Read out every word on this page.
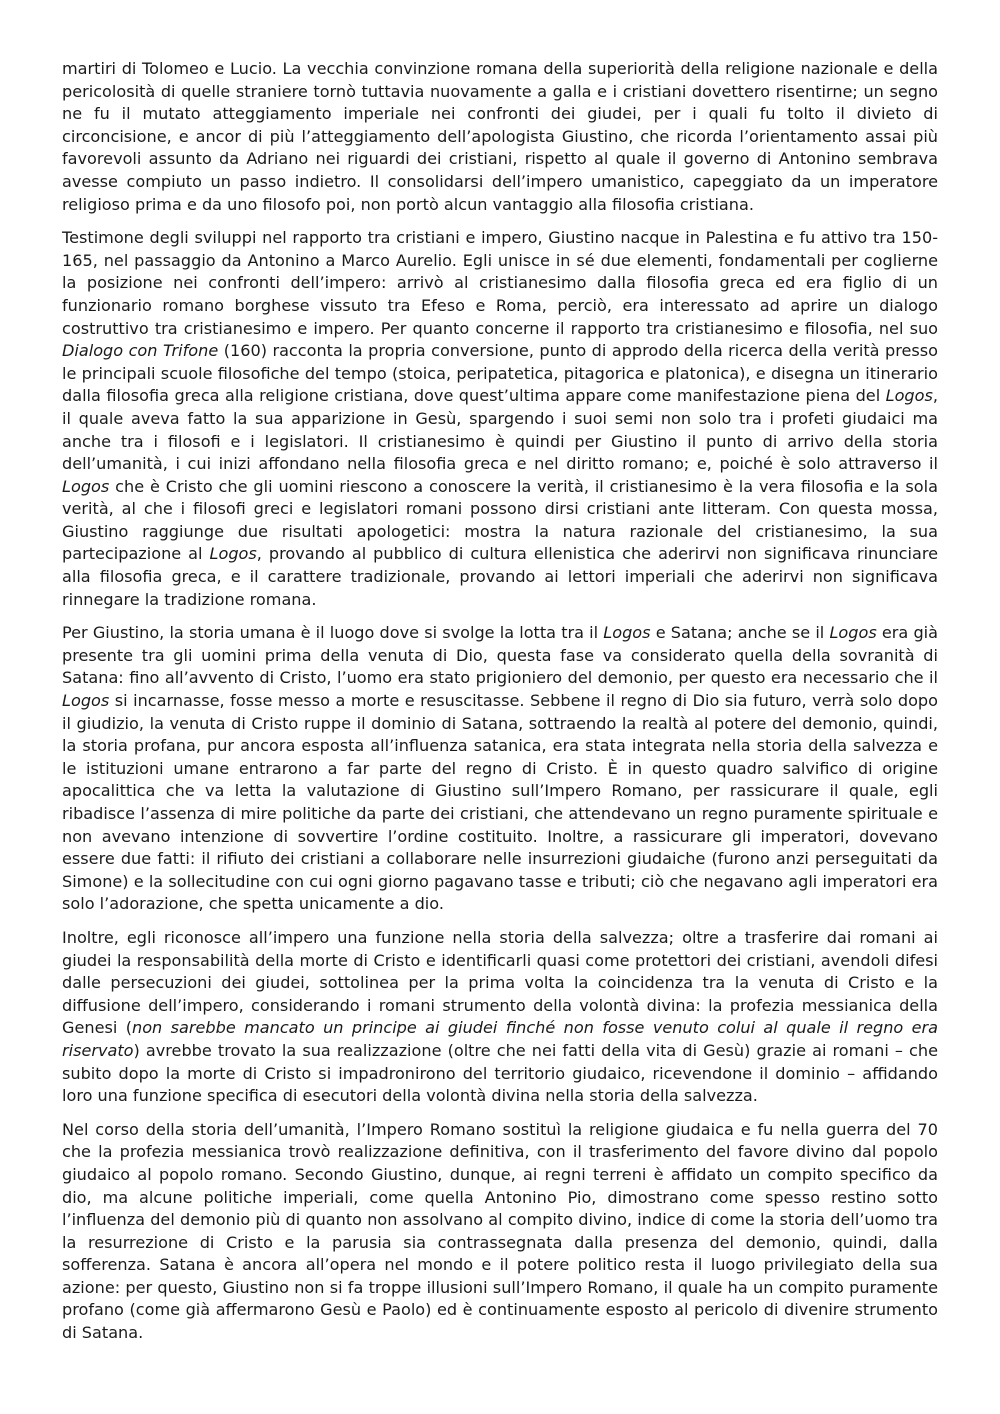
martiri di Tolomeo e Lucio. La vecchia convinzione romana della superiorità della religione nazionale e della pericolosità di quelle straniere tornò tuttavia nuovamente a galla e i cristiani dovettero risentirne; un segno ne fu il mutato atteggiamento imperiale nei confronti dei giudei, per i quali fu tolto il divieto di circoncisione, e ancor di più l’atteggiamento dell’apologista Giustino, che ricorda l’orientamento assai più favorevoli assunto da Adriano nei riguardi dei cristiani, rispetto al quale il governo di Antonino sembrava avesse compiuto un passo indietro. Il consolidarsi dell’impero umanistico, capeggiato da un imperatore religioso prima e da uno filosofo poi, non portò alcun vantaggio alla filosofia cristiana.

Testimone degli sviluppi nel rapporto tra cristiani e impero, Giustino nacque in Palestina e fu attivo tra 150-165, nel passaggio da Antonino a Marco Aurelio. Egli unisce in sé due elementi, fondamentali per coglierne la posizione nei confronti dell’impero: arrivò al cristianesimo dalla filosofia greca ed era figlio di un funzionario romano borghese vissuto tra Efeso e Roma, perciò, era interessato ad aprire un dialogo costruttivo tra cristianesimo e impero. Per quanto concerne il rapporto tra cristianesimo e filosofia, nel suo Dialogo con Trifone (160) racconta la propria conversione, punto di approdo della ricerca della verità presso le principali scuole filosofiche del tempo (stoica, peripatetica, pitagorica e platonica), e disegna un itinerario dalla filosofia greca alla religione cristiana, dove quest’ultima appare come manifestazione piena del Logos, il quale aveva fatto la sua apparizione in Gesù, spargendo i suoi semi non solo tra i profeti giudaici ma anche tra i filosofi e i legislatori. Il cristianesimo è quindi per Giustino il punto di arrivo della storia dell’umanità, i cui inizi affondano nella filosofia greca e nel diritto romano; e, poiché è solo attraverso il Logos che è Cristo che gli uomini riescono a conoscere la verità, il cristianesimo è la vera filosofia e la sola verità, al che i filosofi greci e legislatori romani possono dirsi cristiani ante litteram. Con questa mossa, Giustino raggiunge due risultati apologetici: mostra la natura razionale del cristianesimo, la sua partecipazione al Logos, provando al pubblico di cultura ellenistica che aderirvi non significava rinunciare alla filosofia greca, e il carattere tradizionale, provando ai lettori imperiali che aderirvi non significava rinnegare la tradizione romana.

Per Giustino, la storia umana è il luogo dove si svolge la lotta tra il Logos e Satana; anche se il Logos era già presente tra gli uomini prima della venuta di Dio, questa fase va considerato quella della sovranità di Satana: fino all’avvento di Cristo, l’uomo era stato prigioniero del demonio, per questo era necessario che il Logos si incarnasse, fosse messo a morte e resuscitasse. Sebbene il regno di Dio sia futuro, verrà solo dopo il giudizio, la venuta di Cristo ruppe il dominio di Satana, sottraendo la realtà al potere del demonio, quindi, la storia profana, pur ancora esposta all’influenza satanica, era stata integrata nella storia della salvezza e le istituzioni umane entrarono a far parte del regno di Cristo. È in questo quadro salvifico di origine apocalittica che va letta la valutazione di Giustino sull’Impero Romano, per rassicurare il quale, egli ribadisce l’assenza di mire politiche da parte dei cristiani, che attendevano un regno puramente spirituale e non avevano intenzione di sovvertire l’ordine costituito. Inoltre, a rassicurare gli imperatori, dovevano essere due fatti: il rifiuto dei cristiani a collaborare nelle insurrezioni giudaiche (furono anzi perseguitati da Simone) e la sollecitudine con cui ogni giorno pagavano tasse e tributi; ciò che negavano agli imperatori era solo l’adorazione, che spetta unicamente a dio.

Inoltre, egli riconosce all’impero una funzione nella storia della salvezza; oltre a trasferire dai romani ai giudei la responsabilità della morte di Cristo e identificarli quasi come protettori dei cristiani, avendoli difesi dalle persecuzioni dei giudei, sottolinea per la prima volta la coincidenza tra la venuta di Cristo e la diffusione dell’impero, considerando i romani strumento della volontà divina: la profezia messianica della Genesi (non sarebbe mancato un principe ai giudei finché non fosse venuto colui al quale il regno era riservato) avrebbe trovato la sua realizzazione (oltre che nei fatti della vita di Gesù) grazie ai romani – che subito dopo la morte di Cristo si impadronirono del territorio giudaico, ricevendone il dominio – affidando loro una funzione specifica di esecutori della volontà divina nella storia della salvezza.

Nel corso della storia dell’umanità, l’Impero Romano sostituì la religione giudaica e fu nella guerra del 70 che la profezia messianica trovò realizzazione definitiva, con il trasferimento del favore divino dal popolo giudaico al popolo romano. Secondo Giustino, dunque, ai regni terreni è affidato un compito specifico da dio, ma alcune politiche imperiali, come quella Antonino Pio, dimostrano come spesso restino sotto l’influenza del demonio più di quanto non assolvano al compito divino, indice di come la storia dell’uomo tra la resurrezione di Cristo e la parusia sia contrassegnata dalla presenza del demonio, quindi, dalla sofferenza. Satana è ancora all’opera nel mondo e il potere politico resta il luogo privilegiato della sua azione: per questo, Giustino non si fa troppe illusioni sull’Impero Romano, il quale ha un compito puramente profano (come già affermarono Gesù e Paolo) ed è continuamente esposto al pericolo di divenire strumento di Satana.
